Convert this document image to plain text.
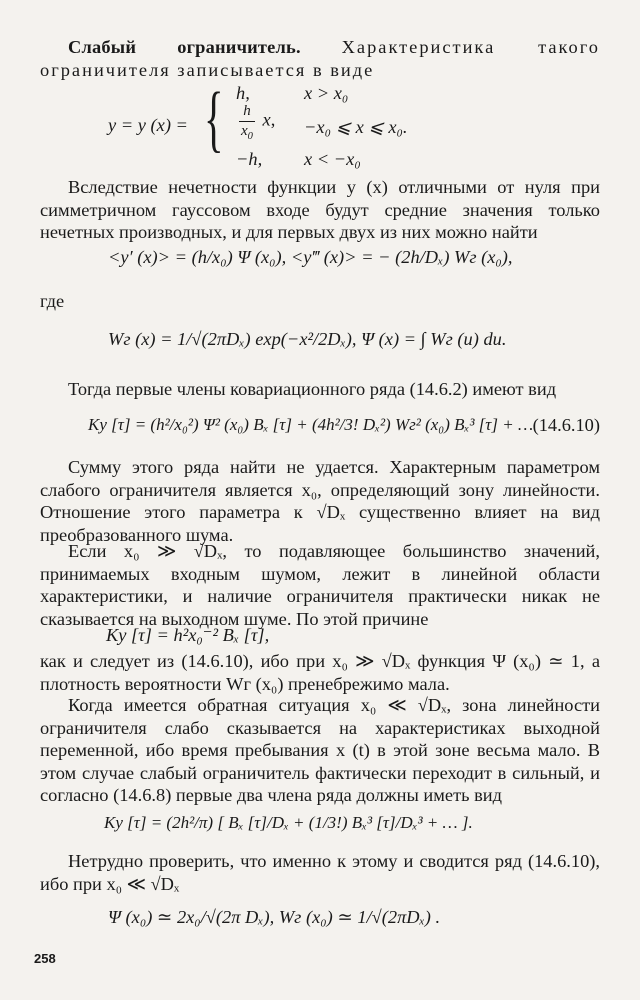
Слабый ограничитель. Характеристика такого ограничителя записывается в виде

y = y (x) = { h,	x > x₀
$\frac{h}{x_0} x$, −x₀ ⩽ x ⩽ x₀.
−h, x < −x₀

Вследствие нечетности функции y (x) отличными от нуля при симметричном гауссовом входе будут средние значения только нечетных производных, и для первых двух из них можно найти

<y′ (x)> = (h/x₀) Ψ (x₀), <y‴ (x)> = − (2h/Dₓ) Wг (x₀),

где

Wг (x) = 1/√(2πDₓ) exp(−x²/2Dₓ), Ψ (x) = ∫ Wг (u) du.

Тогда первые члены ковариационного ряда (14.6.2) имеют вид

Ky [τ] = (h²/x₀²) Ψ² (x₀) Bₓ [τ] + (4h²/3! Dₓ²) Wг² (x₀) Bₓ³ [τ] + … (14.6.10)

Сумму этого ряда найти не удается. Характерным параметром слабого ограничителя является x₀, определяющий зону линейности. Отношение этого параметра к √Dₓ существенно влияет на вид преобразованного шума.

Если x₀ ≫ √Dₓ, то подавляющее большинство значений, принимаемых входным шумом, лежит в линейной области характеристики, и наличие ограничителя практически никак не сказывается на выходном шуме. По этой причине

Ky [τ] = h²x₀⁻² Bₓ [τ],

как и следует из (14.6.10), ибо при x₀ ≫ √Dₓ функция Ψ (x₀) ≃ 1, а плотность вероятности Wг (x₀) пренебрежимо мала.

Когда имеется обратная ситуация x₀ ≪ √Dₓ, зона линейности ограничителя слабо сказывается на характеристиках выходной переменной, ибо время пребывания x (t) в этой зоне весьма мало. В этом случае слабый ограничитель фактически переходит в сильный, и согласно (14.6.8) первые два члена ряда должны иметь вид

Ky [τ] = (2h²/π) [ Bₓ [τ]/Dₓ + (1/3!) Bₓ³ [τ]/Dₓ³ + … ].

Нетрудно проверить, что именно к этому и сводится ряд (14.6.10), ибо при x₀ ≪ √Dₓ

Ψ (x₀) ≃ 2x₀/√(2π Dₓ), Wг (x₀) ≃ 1/√(2πDₓ) .
258
